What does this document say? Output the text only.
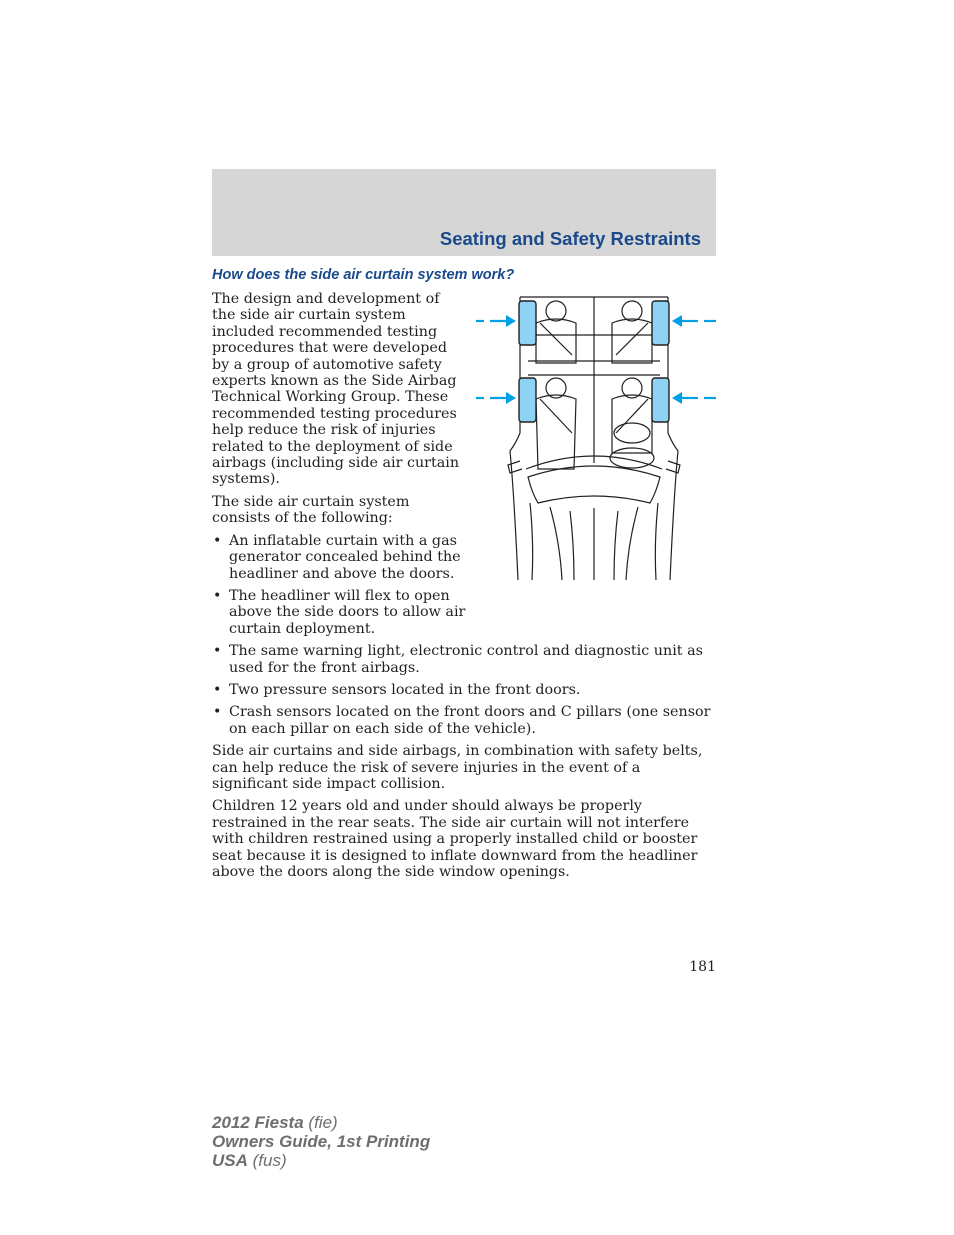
Seating and Safety Restraints
How does the side air curtain system work?

The design and development of the side air curtain system included recommended testing procedures that were developed by a group of automotive safety experts known as the Side Airbag Technical Working Group. These recommended testing procedures help reduce the risk of injuries related to the deployment of side airbags (including side air curtain systems).

The side air curtain system consists of the following:

• An inflatable curtain with a gas generator concealed behind the headliner and above the doors.
• The headliner will flex to open above the side doors to allow air curtain deployment.
• The same warning light, electronic control and diagnostic unit as used for the front airbags.
• Two pressure sensors located in the front doors.
• Crash sensors located on the front doors and C pillars (one sensor on each pillar on each side of the vehicle).

Side air curtains and side airbags, in combination with safety belts, can help reduce the risk of severe injuries in the event of a significant side impact collision.

Children 12 years old and under should always be properly restrained in the rear seats. The side air curtain will not interfere with children restrained using a properly installed child or booster seat because it is designed to inflate downward from the headliner above the doors along the side window openings.

181
2012 Fiesta (fie)
Owners Guide, 1st Printing
USA (fus)
